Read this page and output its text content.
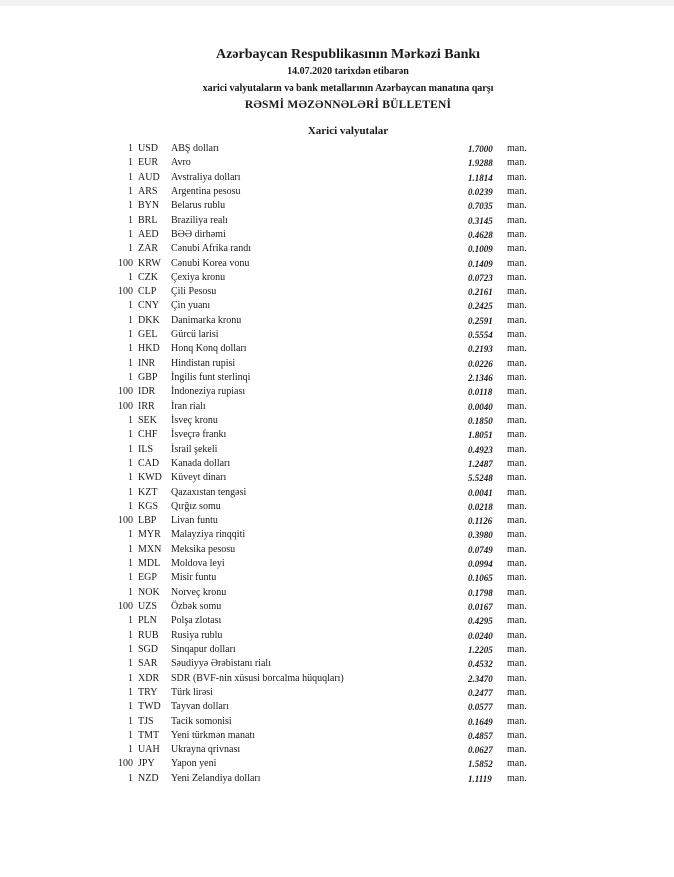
Azərbaycan Respublikasının Mərkəzi Bankı
14.07.2020 tarixdən etibarən
xarici valyutaların və bank metallarının Azərbaycan manatına qarşı
RƏSMİ MƏZƏNNƏLƏRİ BÜLLETENİ
Xarici valyutalar
1 USD	ABŞ dolları	1.7000 man.
1 EUR	Avro	1.9288 man.
1 AUD	Avstraliya dolları	1.1814 man.
1 ARS	Argentina pesosu	0.0239 man.
1 BYN	Belarus rublu	0.7035 man.
1 BRL	Braziliya realı	0.3145 man.
1 AED	BƏƏ dirhəmi	0.4628 man.
1 ZAR	Cənubi Afrika randı	0.1009 man.
100 KRW	Cənubi Korea vonu	0.1409 man.
1 CZK	Çexiya kronu	0.0723 man.
100 CLP	Çili Pesosu	0.2161 man.
1 CNY	Çin yuanı	0.2425 man.
1 DKK	Danimarka kronu	0.2591 man.
1 GEL	Gürcü larisi	0.5554 man.
1 HKD	Honq Konq dolları	0.2193 man.
1 INR	Hindistan rupisi	0.0226 man.
1 GBP	İngilis funt sterlinqi	2.1346 man.
100 IDR	İndoneziya rupiası	0.0118 man.
100 IRR	İran rialı	0.0040 man.
1 SEK	İsveç kronu	0.1850 man.
1 CHF	İsveçrə frankı	1.8051 man.
1 ILS	İsrail şekeli	0.4923 man.
1 CAD	Kanada dolları	1.2487 man.
1 KWD Küveyt dinarı	5.5248 man.
1 KZT	Qazaxıstan tengəsi	0.0041 man.
1 KGS	Qırğız somu	0.0218 man.
100 LBP	Livan funtu	0.1126 man.
1 MYR	Malayziya rinqqiti	0.3980 man.
1 MXN Meksika pesosu	0.0749 man.
1 MDL	Moldova leyi	0.0994 man.
1 EGP	Misir funtu	0.1065 man.
1 NOK	Norveç kronu	0.1798 man.
100 UZS	Özbək somu	0.0167 man.
1 PLN	Polşa zlotası	0.4295 man.
1 RUB	Rusiya rublu	0.0240 man.
1 SGD	Sinqapur dolları	1.2205 man.
1 SAR	Səudiyyə Ərəbistanı rialı	0.4532 man.
1 XDR	SDR (BVF-nin xüsusi borcalma hüquqları)	2.3470 man.
1 TRY	Türk lirəsi	0.2477 man.
1 TWD	Tayvan dolları	0.0577 man.
1 TJS	Tacik somonisi	0.1649 man.
1 TMT	Yeni türkmən manatı	0.4857 man.
1 UAH	Ukrayna qrivnası	0.0627 man.
100 JPY	Yapon yeni	1.5852 man.
1 NZD	Yeni Zelandiya dolları	1.1119 man.
